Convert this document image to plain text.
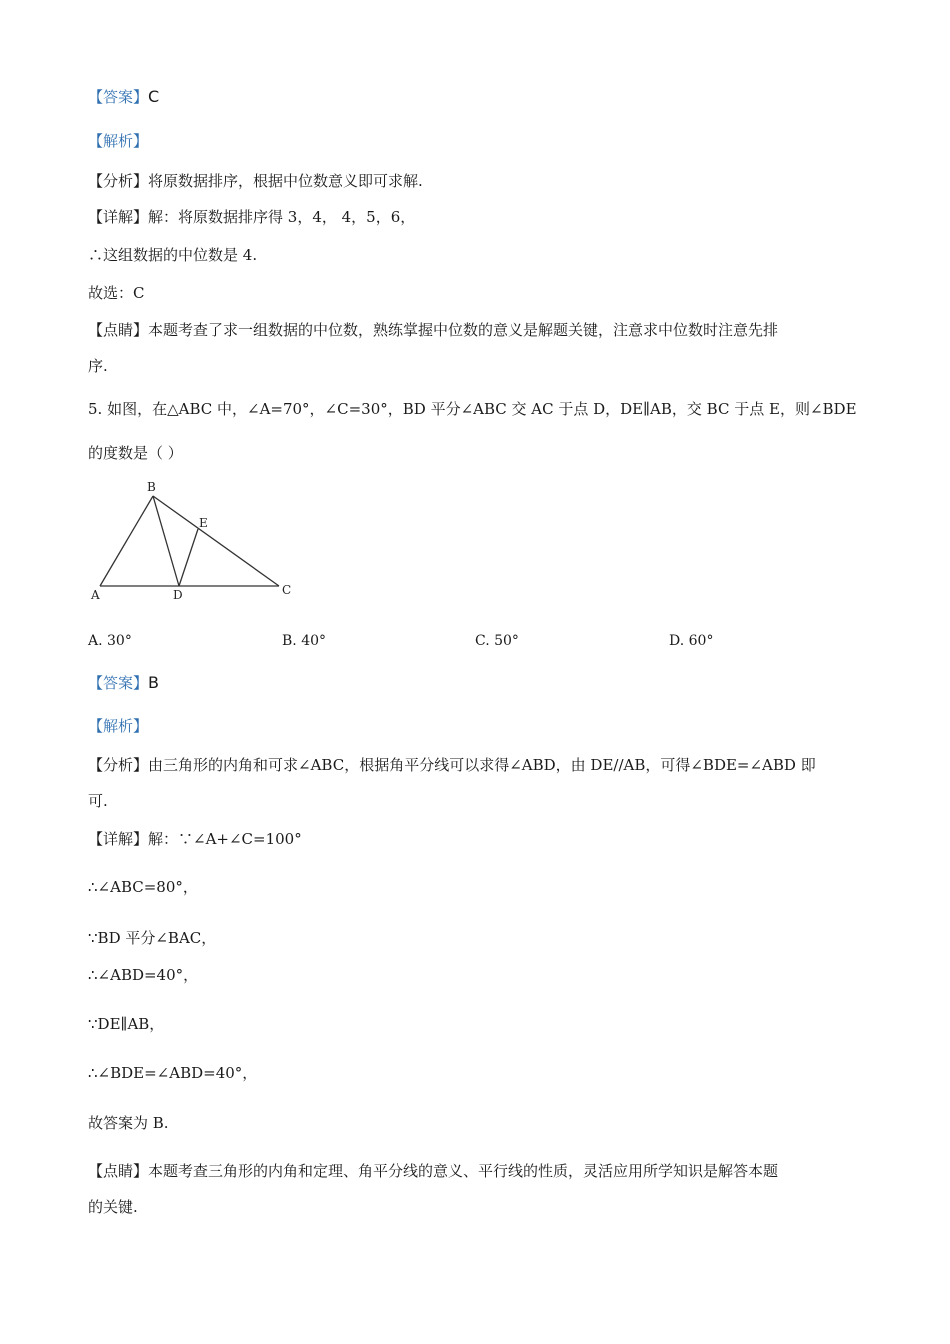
【答案】C
【解析】
【分析】将原数据排序，根据中位数意义即可求解.
【详解】解：将原数据排序得 3，4， 4，5，6，
∴这组数据的中位数是 4.
故选：C
【点睛】本题考查了求一组数据的中位数，熟练掌握中位数的意义是解题关键，注意求中位数时注意先排
序.
5. 如图，在△ABC 中，∠A=70°，∠C=30°，BD 平分∠ABC 交 AC 于点 D，DE∥AB，交 BC 于点 E，则∠BDE
的度数是（ ）
B
E
A	D	C
A. 30°	B. 40°	C. 50°	D. 60°
【答案】B
【解析】
【分析】由三角形的内角和可求∠ABC，根据角平分线可以求得∠ABD，由 DE//AB，可得∠BDE=∠ABD 即
可.
【详解】解：∵∠A+∠C=100°
∴∠ABC=80°，
∵BD 平分∠BAC，
∴∠ABD=40°，
∵DE∥AB，
∴∠BDE=∠ABD=40°，
故答案为 B.
【点睛】本题考查三角形的内角和定理、角平分线的意义、平行线的性质，灵活应用所学知识是解答本题
的关键.
